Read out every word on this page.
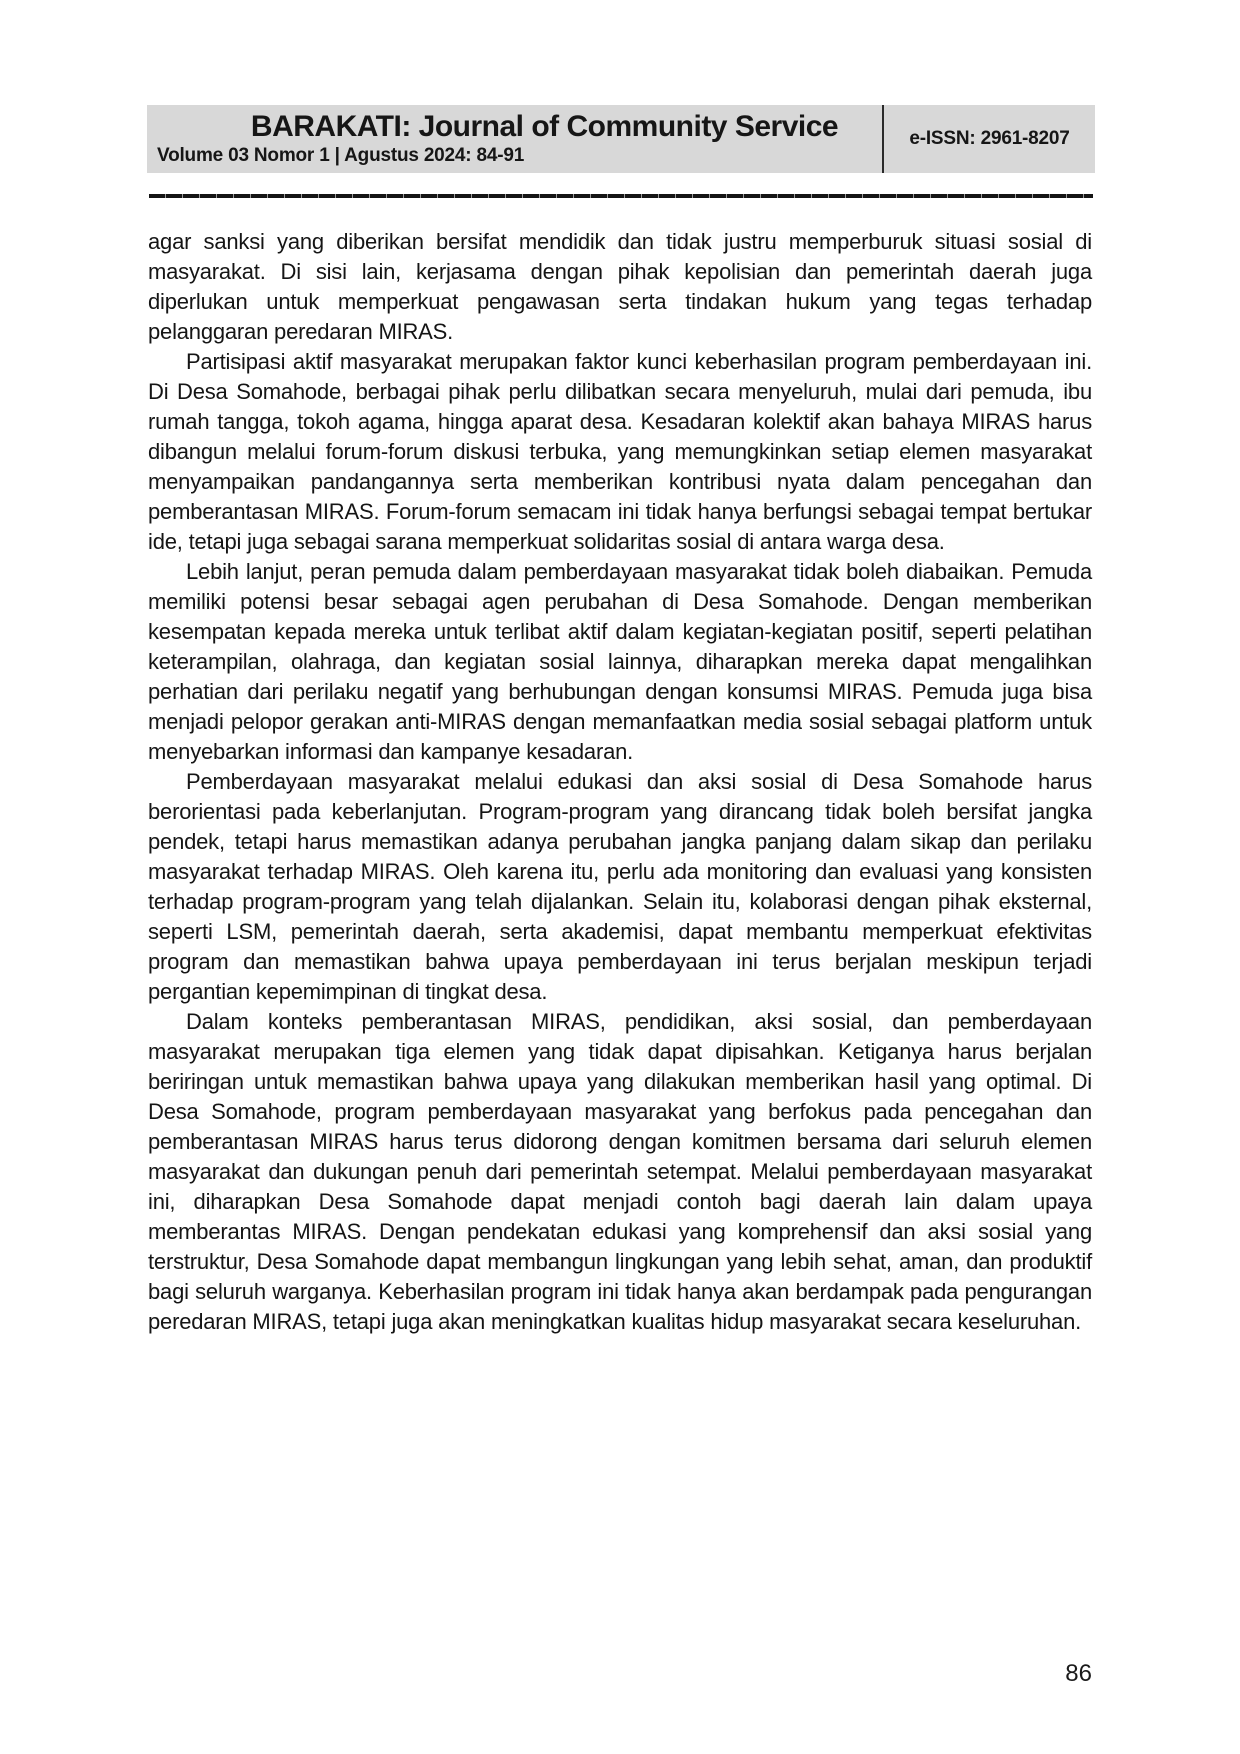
BARAKATI: Journal of Community Service
Volume 03 Nomor 1 | Agustus 2024: 84-91
e-ISSN: 2961-8207

agar sanksi yang diberikan bersifat mendidik dan tidak justru memperburuk situasi sosial di masyarakat. Di sisi lain, kerjasama dengan pihak kepolisian dan pemerintah daerah juga diperlukan untuk memperkuat pengawasan serta tindakan hukum yang tegas terhadap pelanggaran peredaran MIRAS.

Partisipasi aktif masyarakat merupakan faktor kunci keberhasilan program pemberdayaan ini. Di Desa Somahode, berbagai pihak perlu dilibatkan secara menyeluruh, mulai dari pemuda, ibu rumah tangga, tokoh agama, hingga aparat desa. Kesadaran kolektif akan bahaya MIRAS harus dibangun melalui forum-forum diskusi terbuka, yang memungkinkan setiap elemen masyarakat menyampaikan pandangannya serta memberikan kontribusi nyata dalam pencegahan dan pemberantasan MIRAS. Forum-forum semacam ini tidak hanya berfungsi sebagai tempat bertukar ide, tetapi juga sebagai sarana memperkuat solidaritas sosial di antara warga desa.

Lebih lanjut, peran pemuda dalam pemberdayaan masyarakat tidak boleh diabaikan. Pemuda memiliki potensi besar sebagai agen perubahan di Desa Somahode. Dengan memberikan kesempatan kepada mereka untuk terlibat aktif dalam kegiatan-kegiatan positif, seperti pelatihan keterampilan, olahraga, dan kegiatan sosial lainnya, diharapkan mereka dapat mengalihkan perhatian dari perilaku negatif yang berhubungan dengan konsumsi MIRAS. Pemuda juga bisa menjadi pelopor gerakan anti-MIRAS dengan memanfaatkan media sosial sebagai platform untuk menyebarkan informasi dan kampanye kesadaran.

Pemberdayaan masyarakat melalui edukasi dan aksi sosial di Desa Somahode harus berorientasi pada keberlanjutan. Program-program yang dirancang tidak boleh bersifat jangka pendek, tetapi harus memastikan adanya perubahan jangka panjang dalam sikap dan perilaku masyarakat terhadap MIRAS. Oleh karena itu, perlu ada monitoring dan evaluasi yang konsisten terhadap program-program yang telah dijalankan. Selain itu, kolaborasi dengan pihak eksternal, seperti LSM, pemerintah daerah, serta akademisi, dapat membantu memperkuat efektivitas program dan memastikan bahwa upaya pemberdayaan ini terus berjalan meskipun terjadi pergantian kepemimpinan di tingkat desa.

Dalam konteks pemberantasan MIRAS, pendidikan, aksi sosial, dan pemberdayaan masyarakat merupakan tiga elemen yang tidak dapat dipisahkan. Ketiganya harus berjalan beriringan untuk memastikan bahwa upaya yang dilakukan memberikan hasil yang optimal. Di Desa Somahode, program pemberdayaan masyarakat yang berfokus pada pencegahan dan pemberantasan MIRAS harus terus didorong dengan komitmen bersama dari seluruh elemen masyarakat dan dukungan penuh dari pemerintah setempat. Melalui pemberdayaan masyarakat ini, diharapkan Desa Somahode dapat menjadi contoh bagi daerah lain dalam upaya memberantas MIRAS. Dengan pendekatan edukasi yang komprehensif dan aksi sosial yang terstruktur, Desa Somahode dapat membangun lingkungan yang lebih sehat, aman, dan produktif bagi seluruh warganya. Keberhasilan program ini tidak hanya akan berdampak pada pengurangan peredaran MIRAS, tetapi juga akan meningkatkan kualitas hidup masyarakat secara keseluruhan.

86
